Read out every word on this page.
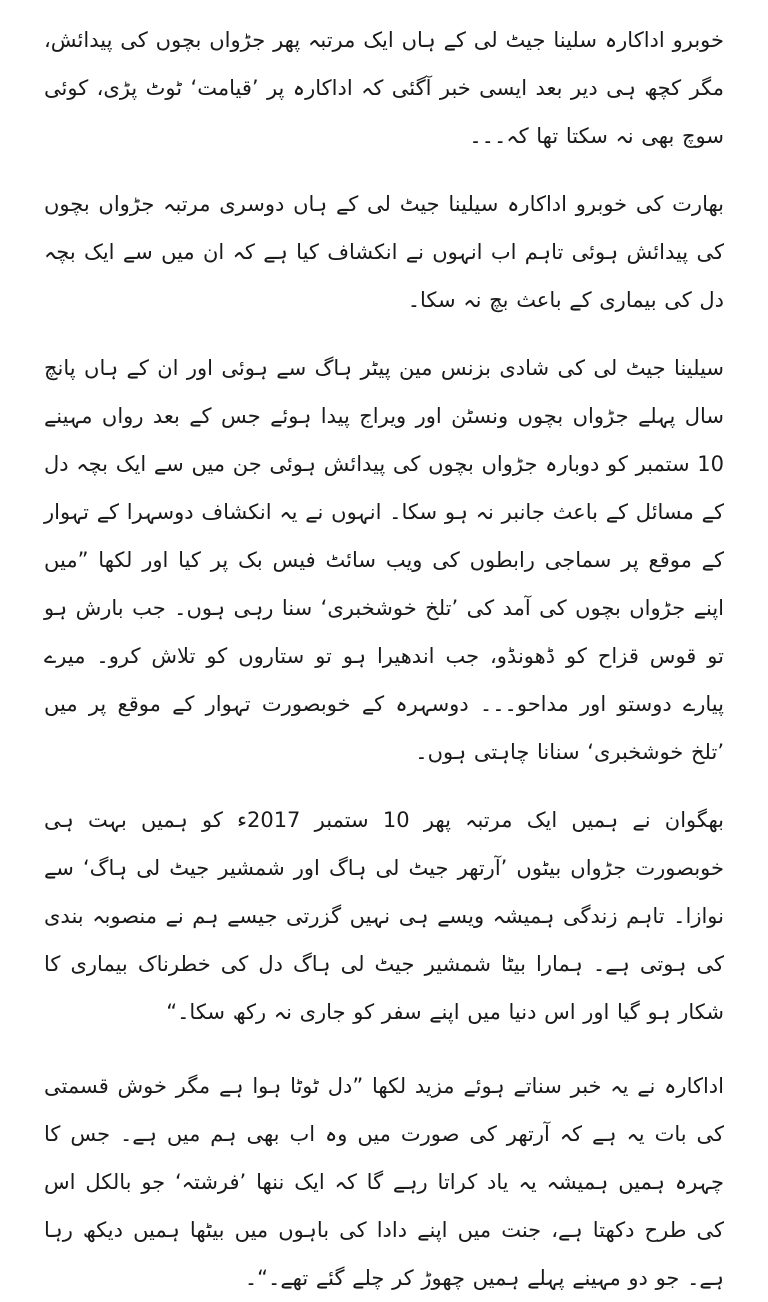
خوبرو اداکارہ سلینا جیٹ لی کے ہاں ایک مرتبہ پھر جڑواں بچوں کی پیدائش، مگر کچھ ہی دیر بعد ایسی خبر آگئی کہ اداکارہ پر ’قیامت‘ ٹوٹ پڑی، کوئی سوچ بھی نہ سکتا تھا کہ۔۔۔

بھارت کی خوبرو اداکارہ سیلینا جیٹ لی کے ہاں دوسری مرتبہ جڑواں بچوں کی پیدائش ہوئی تاہم اب انہوں نے انکشاف کیا ہے کہ ان میں سے ایک بچہ دل کی بیماری کے باعث بچ نہ سکا۔

سیلینا جیٹ لی کی شادی بزنس مین پیٹر ہاگ سے ہوئی اور ان کے ہاں پانچ سال پہلے جڑواں بچوں ونسٹن اور ویراج پیدا ہوئے جس کے بعد رواں مہینے 10 ستمبر کو دوبارہ جڑواں بچوں کی پیدائش ہوئی جن میں سے ایک بچہ دل کے مسائل کے باعث جانبر نہ ہو سکا۔ انہوں نے یہ انکشاف دوسہرا کے تہوار کے موقع پر سماجی رابطوں کی ویب سائٹ فیس بک پر کیا اور لکھا ”میں اپنے جڑواں بچوں کی آمد کی ’تلخ خوشخبری‘ سنا رہی ہوں۔ جب بارش ہو تو قوس قزاح کو ڈھونڈو، جب اندھیرا ہو تو ستاروں کو تلاش کرو۔ میرے پیارے دوستو اور مداحو۔۔۔ دوسہرہ کے خوبصورت تہوار کے موقع پر میں ’تلخ خوشخبری‘ سنانا چاہتی ہوں۔

بھگوان نے ہمیں ایک مرتبہ پھر 10 ستمبر 2017ء کو ہمیں بہت ہی خوبصورت جڑواں بیٹوں ’آرتھر جیٹ لی ہاگ اور شمشیر جیٹ لی ہاگ‘ سے نوازا۔ تاہم زندگی ہمیشہ ویسے ہی نہیں گزرتی جیسے ہم نے منصوبہ بندی کی ہوتی ہے۔ ہمارا بیٹا شمشیر جیٹ لی ہاگ دل کی خطرناک بیماری کا شکار ہو گیا اور اس دنیا میں اپنے سفر کو جاری نہ رکھ سکا۔“

اداکارہ نے یہ خبر سناتے ہوئے مزید لکھا ”دل ٹوٹا ہوا ہے مگر خوش قسمتی کی بات یہ ہے کہ آرتھر کی صورت میں وہ اب بھی ہم میں ہے۔ جس کا چہرہ ہمیں ہمیشہ یہ یاد کراتا رہے گا کہ ایک ننھا ’فرشتہ‘ جو بالکل اس کی طرح دکھتا ہے، جنت میں اپنے دادا کی باہوں میں بیٹھا ہمیں دیکھ رہا ہے۔ جو دو مہینے پہلے ہمیں چھوڑ کر چلے گئے تھے۔“۔
